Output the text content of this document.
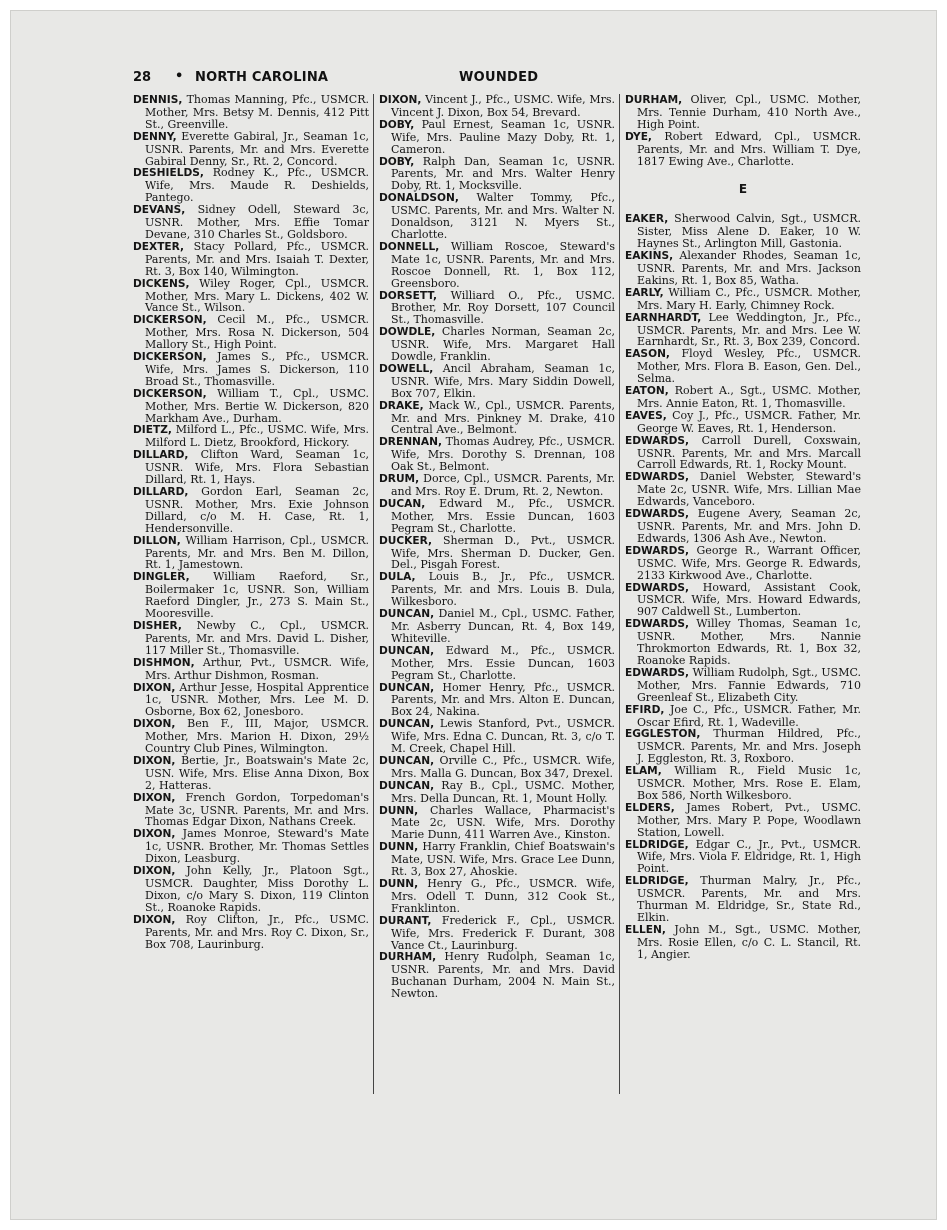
28 • NORTH CAROLINA	WOUNDED

DENNIS, Thomas Manning, Pfc., USMCR. Mother, Mrs. Betsy M. Dennis, 412 Pitt St., Greenville.

DENNY, Everette Gabiral, Jr., Seaman 1c, USNR. Parents, Mr. and Mrs. Everette Gabiral Denny, Sr., Rt. 2, Concord.

DESHIELDS, Rodney K., Pfc., USMCR. Wife, Mrs. Maude R. Deshields, Pantego.

DEVANS, Sidney Odell, Steward 3c, USNR. Mother, Mrs. Effie Tomar Devane, 310 Charles St., Goldsboro.

DEXTER, Stacy Pollard, Pfc., USMCR. Parents, Mr. and Mrs. Isaiah T. Dexter, Rt. 3, Box 140, Wilmington.

DICKENS, Wiley Roger, Cpl., USMCR. Mother, Mrs. Mary L. Dickens, 402 W. Vance St., Wilson.

DICKERSON, Cecil M., Pfc., USMCR. Mother, Mrs. Rosa N. Dickerson, 504 Mallory St., High Point.

DICKERSON, James S., Pfc., USMCR. Wife, Mrs. James S. Dickerson, 110 Broad St., Thomasville.

DICKERSON, William T., Cpl., USMC. Mother, Mrs. Bertie W. Dickerson, 820 Markham Ave., Durham.

DIETZ, Milford L., Pfc., USMC. Wife, Mrs. Milford L. Dietz, Brookford, Hickory.

DILLARD, Clifton Ward, Seaman 1c, USNR. Wife, Mrs. Flora Sebastian Dillard, Rt. 1, Hays.

DILLARD, Gordon Earl, Seaman 2c, USNR. Mother, Mrs. Exie Johnson Dillard, c/o M. H. Case, Rt. 1, Hendersonville.

DILLON, William Harrison, Cpl., USMCR. Parents, Mr. and Mrs. Ben M. Dillon, Rt. 1, Jamestown.

DINGLER, William Raeford, Sr., Boilermaker 1c, USNR. Son, William Raeford Dingler, Jr., 273 S. Main St., Mooresville.

DISHER, Newby C., Cpl., USMCR. Parents, Mr. and Mrs. David L. Disher, 117 Miller St., Thomasville.

DISHMON, Arthur, Pvt., USMCR. Wife, Mrs. Arthur Dishmon, Rosman.

DIXON, Arthur Jesse, Hospital Apprentice 1c, USNR. Mother, Mrs. Lee M. D. Osborne, Box 62, Jonesboro.

DIXON, Ben F., III, Major, USMCR. Mother, Mrs. Marion H. Dixon, 29½ Country Club Pines, Wilmington.

DIXON, Bertie, Jr., Boatswain's Mate 2c, USN. Wife, Mrs. Elise Anna Dixon, Box 2, Hatteras.

DIXON, French Gordon, Torpedoman's Mate 3c, USNR. Parents, Mr. and Mrs. Thomas Edgar Dixon, Nathans Creek.

DIXON, James Monroe, Steward's Mate 1c, USNR. Brother, Mr. Thomas Settles Dixon, Leasburg.

DIXON, John Kelly, Jr., Platoon Sgt., USMCR. Daughter, Miss Dorothy L. Dixon, c/o Mary S. Dixon, 119 Clinton St., Roanoke Rapids.

DIXON, Roy Clifton, Jr., Pfc., USMC. Parents, Mr. and Mrs. Roy C. Dixon, Sr., Box 708, Laurinburg.

DIXON, Vincent J., Pfc., USMC. Wife, Mrs. Vincent J. Dixon, Box 54, Brevard.

DOBY, Paul Ernest, Seaman 1c, USNR. Wife, Mrs. Pauline Mazy Doby, Rt. 1, Cameron.

DOBY, Ralph Dan, Seaman 1c, USNR. Parents, Mr. and Mrs. Walter Henry Doby, Rt. 1, Mocksville.

DONALDSON, Walter Tommy, Pfc., USMC. Parents, Mr. and Mrs. Walter N. Donaldson, 3121 N. Myers St., Charlotte.

DONNELL, William Roscoe, Steward's Mate 1c, USNR. Parents, Mr. and Mrs. Roscoe Donnell, Rt. 1, Box 112, Greensboro.

DORSETT, Williard O., Pfc., USMC. Brother, Mr. Roy Dorsett, 107 Council St., Thomasville.

DOWDLE, Charles Norman, Seaman 2c, USNR. Wife, Mrs. Margaret Hall Dowdle, Franklin.

DOWELL, Ancil Abraham, Seaman 1c, USNR. Wife, Mrs. Mary Siddin Dowell, Box 707, Elkin.

DRAKE, Mack W., Cpl., USMCR. Parents, Mr. and Mrs. Pinkney M. Drake, 410 Central Ave., Belmont.

DRENNAN, Thomas Audrey, Pfc., USMCR. Wife, Mrs. Dorothy S. Drennan, 108 Oak St., Belmont.

DRUM, Dorce, Cpl., USMCR. Parents, Mr. and Mrs. Roy E. Drum, Rt. 2, Newton.

DUCAN, Edward M., Pfc., USMCR. Mother, Mrs. Essie Duncan, 1603 Pegram St., Charlotte.

DUCKER, Sherman D., Pvt., USMCR. Wife, Mrs. Sherman D. Ducker, Gen. Del., Pisgah Forest.

DULA, Louis B., Jr., Pfc., USMCR. Parents, Mr. and Mrs. Louis B. Dula, Wilkesboro.

DUNCAN, Daniel M., Cpl., USMC. Father, Mr. Asberry Duncan, Rt. 4, Box 149, Whiteville.

DUNCAN, Edward M., Pfc., USMCR. Mother, Mrs. Essie Duncan, 1603 Pegram St., Charlotte.

DUNCAN, Homer Henry, Pfc., USMCR. Parents, Mr. and Mrs. Alton E. Duncan, Box 24, Nakina.

DUNCAN, Lewis Stanford, Pvt., USMCR. Wife, Mrs. Edna C. Duncan, Rt. 3, c/o T. M. Creek, Chapel Hill.

DUNCAN, Orville C., Pfc., USMCR. Wife, Mrs. Malla G. Duncan, Box 347, Drexel.

DUNCAN, Ray B., Cpl., USMC. Mother, Mrs. Della Duncan, Rt. 1, Mount Holly.

DUNN, Charles Wallace, Pharmacist's Mate 2c, USN. Wife, Mrs. Dorothy Marie Dunn, 411 Warren Ave., Kinston.

DUNN, Harry Franklin, Chief Boatswain's Mate, USN. Wife, Mrs. Grace Lee Dunn, Rt. 3, Box 27, Ahoskie.

DUNN, Henry G., Pfc., USMCR. Wife, Mrs. Odell T. Dunn, 312 Cook St., Franklinton.

DURANT, Frederick F., Cpl., USMCR. Wife, Mrs. Frederick F. Durant, 308 Vance Ct., Laurinburg.

DURHAM, Henry Rudolph, Seaman 1c, USNR. Parents, Mr. and Mrs. David Buchanan Durham, 2004 N. Main St., Newton.

DURHAM, Oliver, Cpl., USMC. Mother, Mrs. Tennie Durham, 410 North Ave., High Point.

DYE, Robert Edward, Cpl., USMCR. Parents, Mr. and Mrs. William T. Dye, 1817 Ewing Ave., Charlotte.

E

EAKER, Sherwood Calvin, Sgt., USMCR. Sister, Miss Alene D. Eaker, 10 W. Haynes St., Arlington Mill, Gastonia.

EAKINS, Alexander Rhodes, Seaman 1c, USNR. Parents, Mr. and Mrs. Jackson Eakins, Rt. 1, Box 85, Watha.

EARLY, William C., Pfc., USMCR. Mother, Mrs. Mary H. Early, Chimney Rock.

EARNHARDT, Lee Weddington, Jr., Pfc., USMCR. Parents, Mr. and Mrs. Lee W. Earnhardt, Sr., Rt. 3, Box 239, Concord.

EASON, Floyd Wesley, Pfc., USMCR. Mother, Mrs. Flora B. Eason, Gen. Del., Selma.

EATON, Robert A., Sgt., USMC. Mother, Mrs. Annie Eaton, Rt. 1, Thomasville.

EAVES, Coy J., Pfc., USMCR. Father, Mr. George W. Eaves, Rt. 1, Henderson.

EDWARDS, Carroll Durell, Coxswain, USNR. Parents, Mr. and Mrs. Marcall Carroll Edwards, Rt. 1, Rocky Mount.

EDWARDS, Daniel Webster, Steward's Mate 2c, USNR. Wife, Mrs. Lillian Mae Edwards, Vanceboro.

EDWARDS, Eugene Avery, Seaman 2c, USNR. Parents, Mr. and Mrs. John D. Edwards, 1306 Ash Ave., Newton.

EDWARDS, George R., Warrant Officer, USMC. Wife, Mrs. George R. Edwards, 2133 Kirkwood Ave., Charlotte.

EDWARDS, Howard, Assistant Cook, USMCR. Wife, Mrs. Howard Edwards, 907 Caldwell St., Lumberton.

EDWARDS, Willey Thomas, Seaman 1c, USNR. Mother, Mrs. Nannie Throkmorton Edwards, Rt. 1, Box 32, Roanoke Rapids.

EDWARDS, William Rudolph, Sgt., USMC. Mother, Mrs. Fannie Edwards, 710 Greenleaf St., Elizabeth City.

EFIRD, Joe C., Pfc., USMCR. Father, Mr. Oscar Efird, Rt. 1, Wadeville.

EGGLESTON, Thurman Hildred, Pfc., USMCR. Parents, Mr. and Mrs. Joseph J. Eggleston, Rt. 3, Roxboro.

ELAM, William R., Field Music 1c, USMCR. Mother, Mrs. Rose E. Elam, Box 586, North Wilkesboro.

ELDERS, James Robert, Pvt., USMC. Mother, Mrs. Mary P. Pope, Woodlawn Station, Lowell.

ELDRIDGE, Edgar C., Jr., Pvt., USMCR. Wife, Mrs. Viola F. Eldridge, Rt. 1, High Point.

ELDRIDGE, Thurman Malry, Jr., Pfc., USMCR. Parents, Mr. and Mrs. Thurman M. Eldridge, Sr., State Rd., Elkin.

ELLEN, John M., Sgt., USMC. Mother, Mrs. Rosie Ellen, c/o C. L. Stancil, Rt. 1, Angier.
